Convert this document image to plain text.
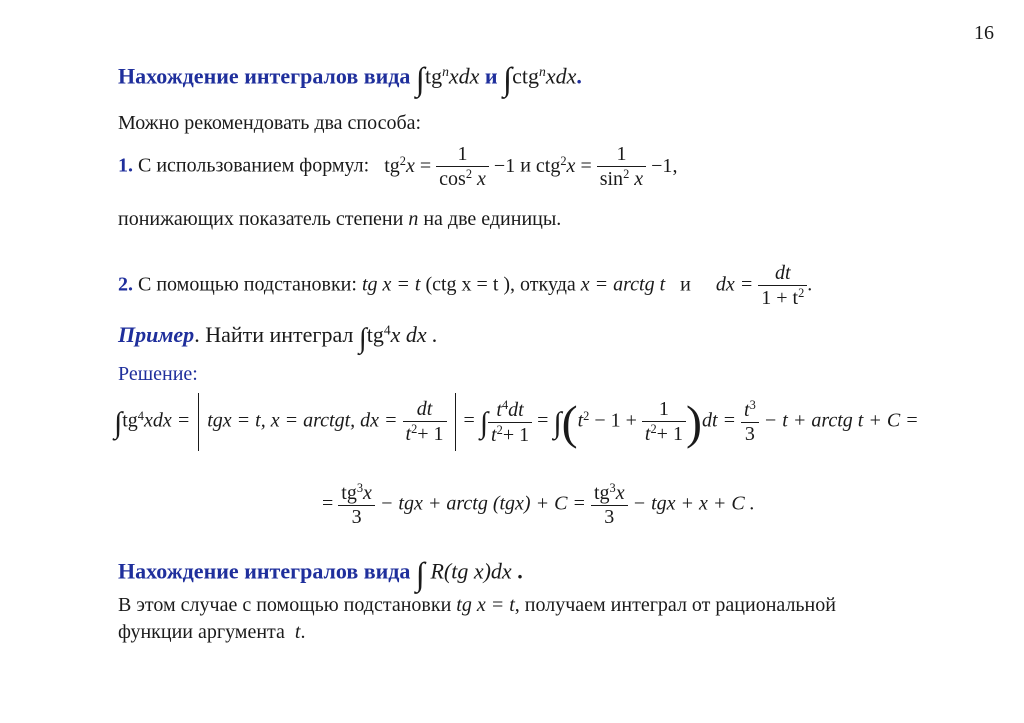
16
Нахождение интегралов вида $\int tg^nxdx$ и ∫ctg$^n$xdx.
Можно рекомендовать два способа:
1. С использованием формул: $tg^2x = \frac{1}{\cos^2 x} -1$ и $ctg^2x = \frac{1}{\sin^2 x} -1$,
понижающих показатель степени n на две единицы.
2. С помощью подстановки: tg x = t (ctg x = t ), откуда x = arctg t и dx = $\frac{dt}{1 + t^2}$ .
Пример. Найти интеграл $\int tg^4x$ dx .
Решение:
$\int tg^4xdx$ = tgx = t, x = arctgt, dx = $\frac{dt}{t^2+ 1}$ = ∫ $\frac{t^4dt}{t^2+ 1} = \int(t^2 - 1 + \frac{1}{t^2+ 1} )dt = \frac{t^3}{3} - t$ + arctg t + C =
= $\frac{tg^3x}{3}$ − tgx + arctg $(tgx) + C = \frac{tg^3x}{3}$ − tgx + x + C .
Нахождение интегралов вида ∫ R(tg x)dx .
В этом случае с помощью подстановки tg x = t, получаем интеграл от рациональной
функции аргумента t.
